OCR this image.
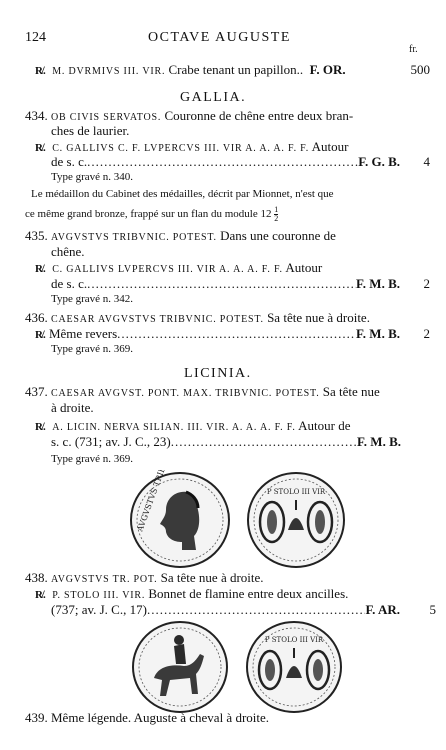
124	OCTAVE AUGUSTE
fr.
R̸.
M. DVRMIVS III. VIR.
Crabe tenant un papillon..
F. OR.	500
GALLIA.
434. OB CIVIS SERVATOS. Couronne de chêne entre deux bran-
ches de laurier.
R̸. C. GALLIVS C. F. LVPERCVS III. VIR A. A. A. F. F. Autour
de s. c. .....	F. G. B.	4
Type gravé n. 340.
Le médaillon du Cabinet des médailles, décrit par Mionnet, n'est que
ce même grand bronze, frappé sur un flan du module $12 \frac{1}{2}$
435. AVGVSTVS TRIBVNIC. POTEST. Dans une couronne de
chêne.
R̸. C. GALLIVS LVPERCVS III. VIR A. A. A. F. F. Autour
de s. c. .....	F. M. B.	2
Type gravé n. 342.
436. CAESAR AVGVSTVS TRIBVNIC. POTEST. Sa tête nue à droite.
R̸.
Même revers .....	F. M. B.	2
Type gravé n. 369.
LICINIA.
437. CAESAR AVGVST. PONT. MAX. TRIBVNIC. POTEST. Sa tête nue
à droite.
R̸. A. LICIN. NERVA SILIAN. III. VIR. A. A. A. F. F. Autour de
s. c. (731; av. J. C., 23) .....	F. M. B.
Type gravé n. 369.
P STOLO III VIR
438. AVGVSTVS TR. POT. Sa tête nue à droite.
R̸. P. STOLO III. VIR. Bonnet de flamine entre deux ancilles.
(737; av. J. C., 17) .....	F. AR.	5
P STOLO III VIR
439. Même légende. Auguste à cheval à droite.
